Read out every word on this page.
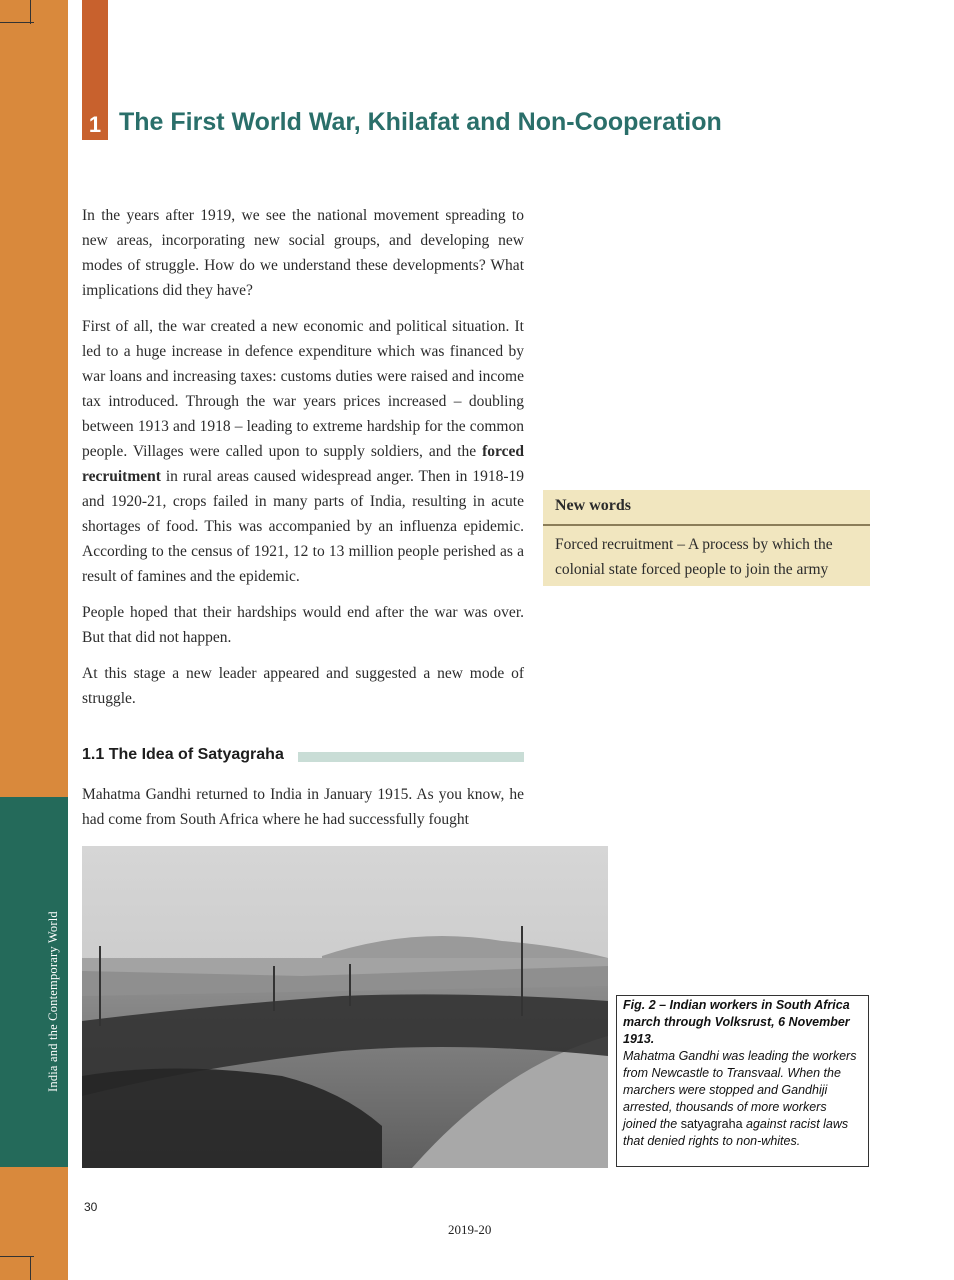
India and the Contemporary World
1 The First World War, Khilafat and Non-Cooperation

In the years after 1919, we see the national movement spreading to new areas, incorporating new social groups, and developing new modes of struggle. How do we understand these developments? What implications did they have?

First of all, the war created a new economic and political situation. It led to a huge increase in defence expenditure which was financed by war loans and increasing taxes: customs duties were raised and income tax introduced. Through the war years prices increased – doubling between 1913 and 1918 – leading to extreme hardship for the common people. Villages were called upon to supply soldiers, and the forced recruitment in rural areas caused widespread anger. Then in 1918-19 and 1920-21, crops failed in many parts of India, resulting in acute shortages of food. This was accompanied by an influenza epidemic. According to the census of 1921, 12 to 13 million people perished as a result of famines and the epidemic.

People hoped that their hardships would end after the war was over. But that did not happen.

At this stage a new leader appeared and suggested a new mode of struggle.

1.1 The Idea of Satyagraha

Mahatma Gandhi returned to India in January 1915. As you know, he had come from South Africa where he had successfully fought

New words

Forced recruitment – A process by which the colonial state forced people to join the army

Fig. 2 – Indian workers in South Africa march through Volksrust, 6 November 1913.
Mahatma Gandhi was leading the workers from Newcastle to Transvaal. When the marchers were stopped and Gandhiji arrested, thousands of more workers joined the satyagraha against racist laws that denied rights to non-whites.
30
2019-20
